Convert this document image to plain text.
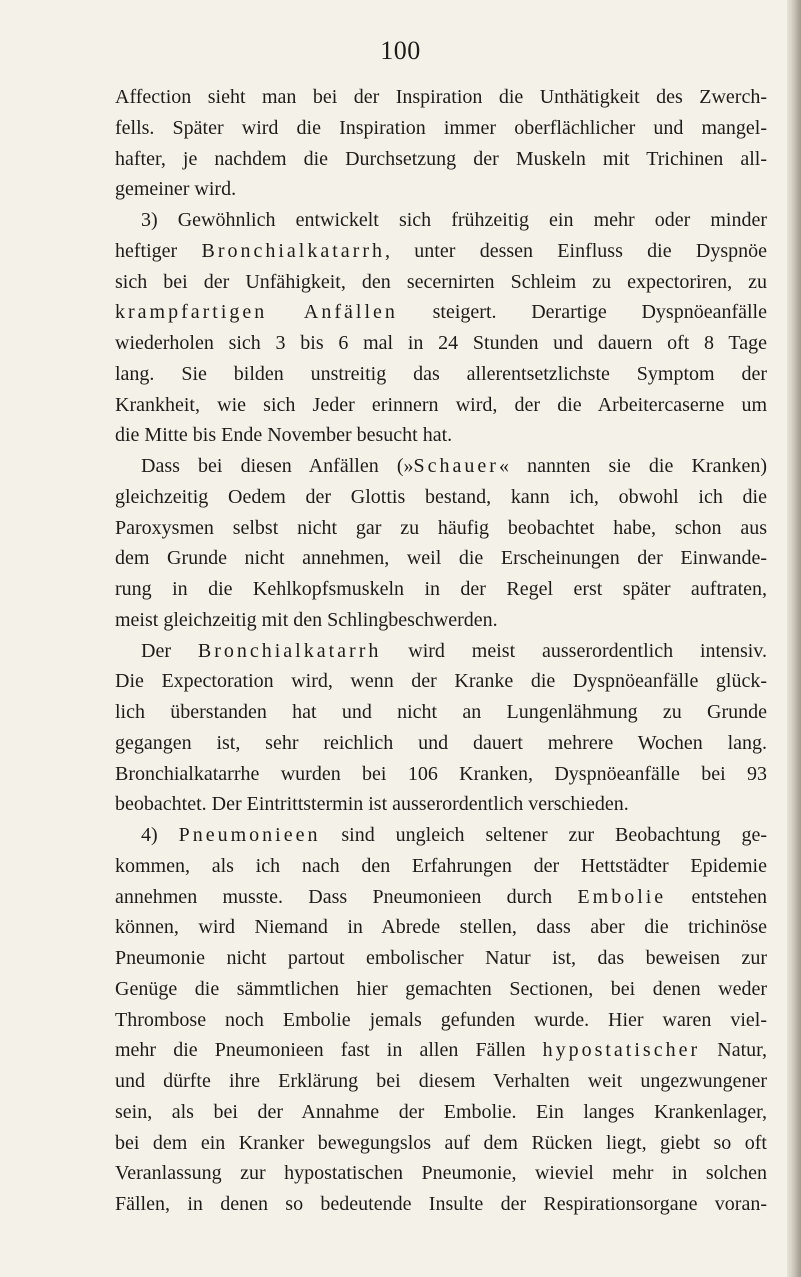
100
Affection sieht man bei der Inspiration die Unthätigkeit des Zwerch-
fells. Später wird die Inspiration immer oberflächlicher und mangel-
hafter, je nachdem die Durchsetzung der Muskeln mit Trichinen all-
gemeiner wird.
3) Gewöhnlich entwickelt sich frühzeitig ein mehr oder minder
heftiger Bronchialkatarrh, unter dessen Einfluss die Dyspnöe
sich bei der Unfähigkeit, den secernirten Schleim zu expectoriren, zu
krampfartigen Anfällen steigert. Derartige Dyspnöeanfälle
wiederholen sich 3 bis 6 mal in 24 Stunden und dauern oft 8 Tage
lang. Sie bilden unstreitig das allerentsetzlichste Symptom der
Krankheit, wie sich Jeder erinnern wird, der die Arbeitercaserne um
die Mitte bis Ende November besucht hat.
Dass bei diesen Anfällen (»Schauer« nannten sie die Kranken)
gleichzeitig Oedem der Glottis bestand, kann ich, obwohl ich die
Paroxysmen selbst nicht gar zu häufig beobachtet habe, schon aus
dem Grunde nicht annehmen, weil die Erscheinungen der Einwande-
rung in die Kehlkopfsmuskeln in der Regel erst später auftraten,
meist gleichzeitig mit den Schlingbeschwerden.
Der Bronchialkatarrh wird meist ausserordentlich intensiv.
Die Expectoration wird, wenn der Kranke die Dyspnöeanfälle glück-
lich überstanden hat und nicht an Lungenlähmung zu Grunde
gegangen ist, sehr reichlich und dauert mehrere Wochen lang.
Bronchialkatarrhe wurden bei 106 Kranken, Dyspnöeanfälle bei 93
beobachtet. Der Eintrittstermin ist ausserordentlich verschieden.
4) Pneumonieen sind ungleich seltener zur Beobachtung ge-
kommen, als ich nach den Erfahrungen der Hettstädter Epidemie
annehmen musste. Dass Pneumonieen durch Embolie entstehen
können, wird Niemand in Abrede stellen, dass aber die trichinöse
Pneumonie nicht partout embolischer Natur ist, das beweisen zur
Genüge die sämmtlichen hier gemachten Sectionen, bei denen weder
Thrombose noch Embolie jemals gefunden wurde. Hier waren viel-
mehr die Pneumonieen fast in allen Fällen hypostatischer Natur,
und dürfte ihre Erklärung bei diesem Verhalten weit ungezwungener
sein, als bei der Annahme der Embolie. Ein langes Krankenlager,
bei dem ein Kranker bewegungslos auf dem Rücken liegt, giebt so oft
Veranlassung zur hypostatischen Pneumonie, wieviel mehr in solchen
Fällen, in denen so bedeutende Insulte der Respirationsorgane voran-
